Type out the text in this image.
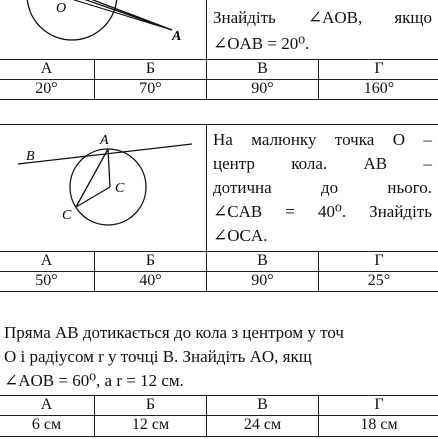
O
A
Знайдіть ∠AOB, якщо
∠OAB = 20⁰.
А	Б	В	Г
20°	70°	90°	160°
B
A
C
C
На малюнку точка O –
центр кола. AB –
дотична до нього.
∠CAB = 40⁰. Знайдіть
∠OCA.
А	Б	В	Г
50°	40°	90°	25°
Пряма AB дотикається до кола з центром у точ
O і радіусом r у точці B. Знайдіть AO, якщ
∠AOB = 60⁰, а r = 12 см.
А	Б	В	Г
6 см	12 см	24 см	18 см
